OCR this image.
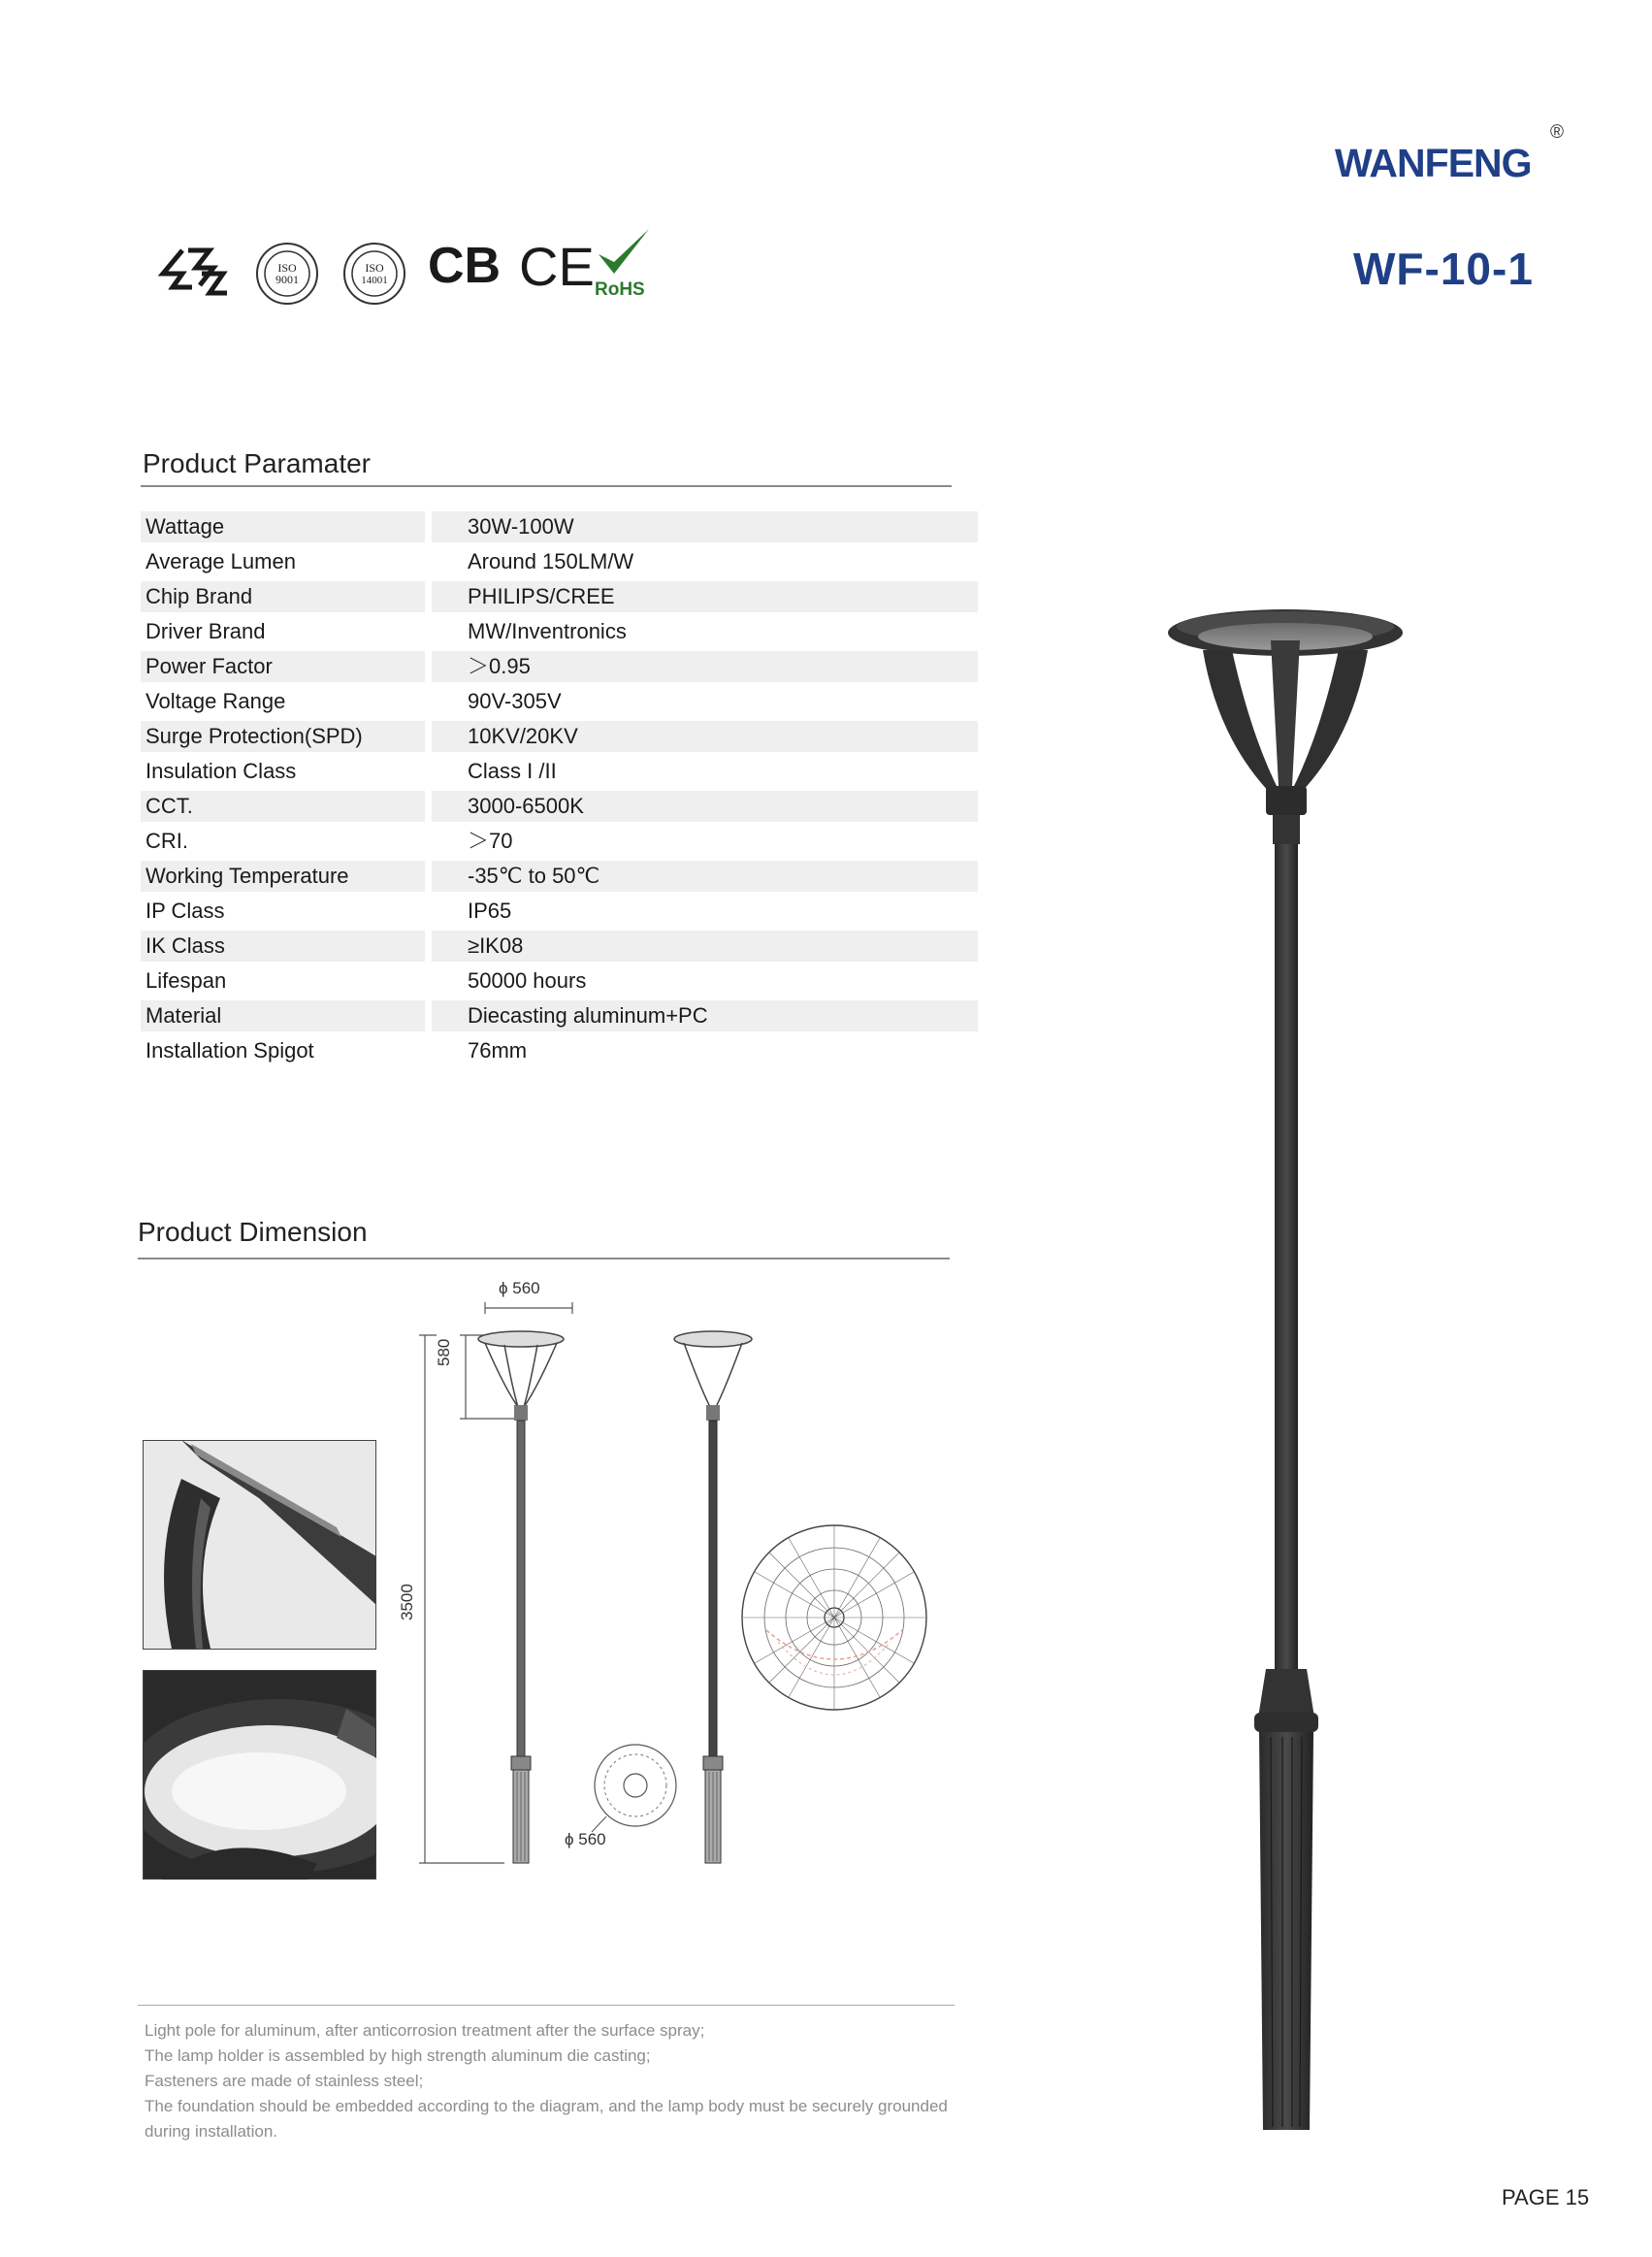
WANFENG
®
WF-10-1
ISO
9001
ISO
14001 CB CE RoHS
Product Paramater
Wattage	30W-100W
Average Lumen	Around 150LM/W
Chip Brand	PHILIPS/CREE
Driver Brand	MW/Inventronics
Power Factor	＞0.95
Voltage Range	90V-305V
Surge Protection(SPD)	10KV/20KV
Insulation Class	Class I /II
CCT.	3000-6500K
CRI.	＞70
Working Temperature	-35℃ to 50℃
IP Class	IP65
IK Class	≥IK08
Lifespan	50000 hours
Material	Diecasting aluminum+PC
Installation Spigot	76mm
Product Dimension
ϕ 560
ϕ 560
580
3500
Light pole for aluminum, after anticorrosion treatment after the surface spray;
The lamp holder is assembled by high strength aluminum die casting;
Fasteners are made of stainless steel;
The foundation should be embedded according to the diagram, and the lamp body must be securely grounded during installation.
PAGE 15
